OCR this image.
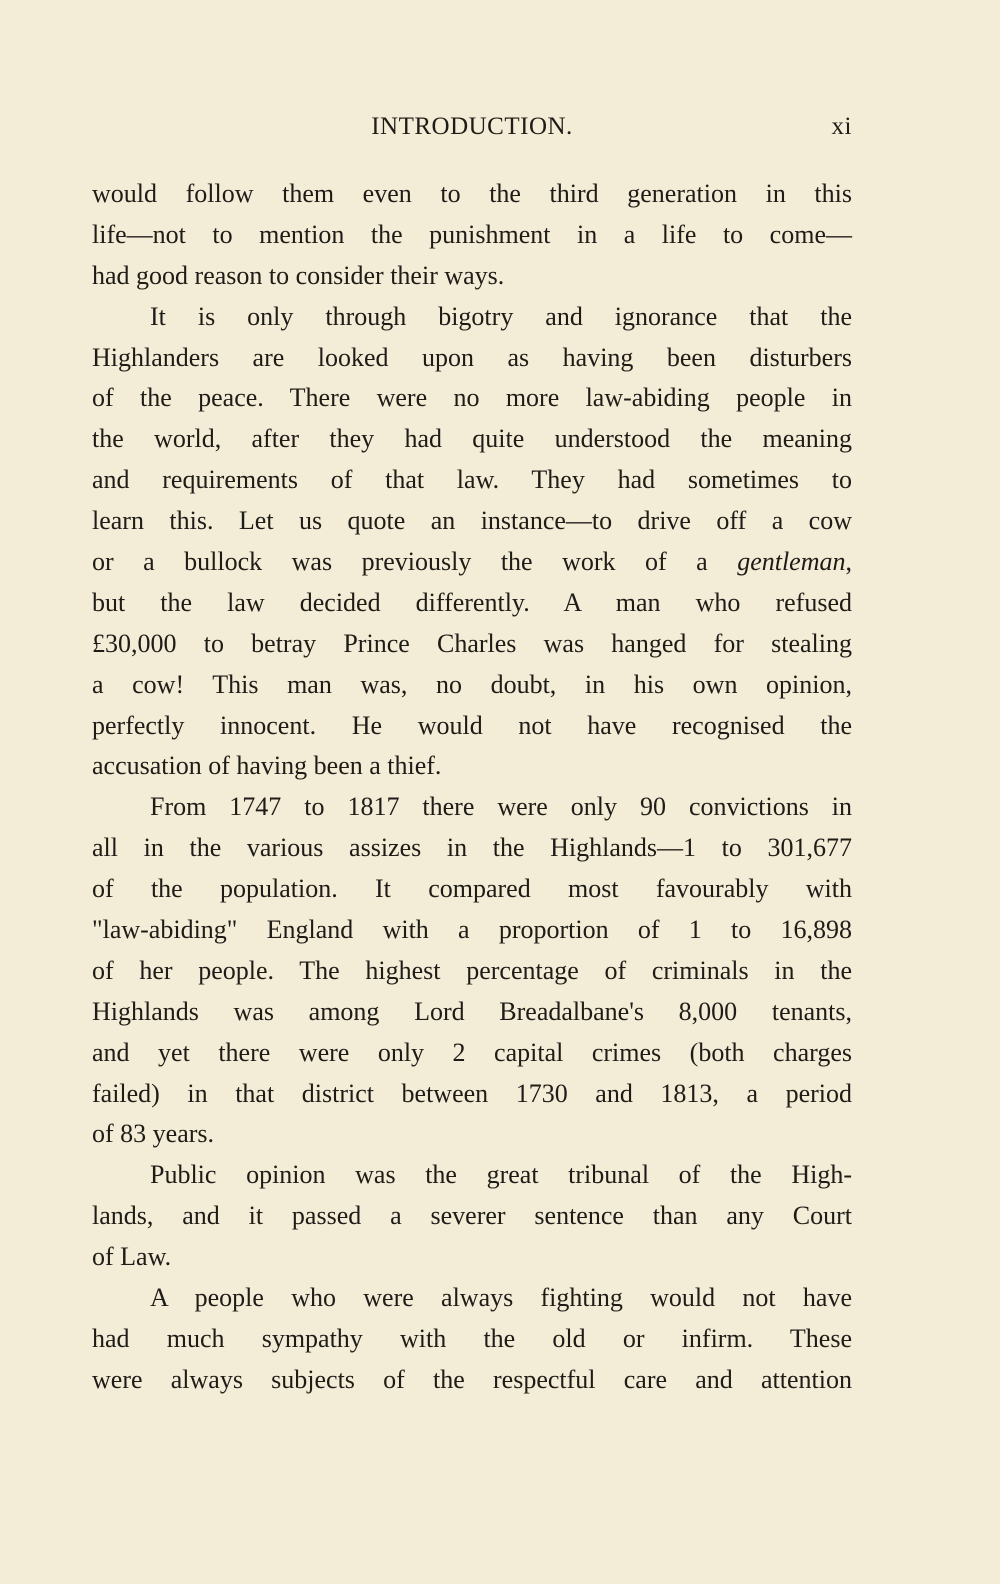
INTRODUCTION.	xi
would follow them even to the third generation in this
life—not to mention the punishment in a life to come—
had good reason to consider their ways.
It is only through bigotry and ignorance that the
Highlanders are looked upon as having been disturbers
of the peace. There were no more law-abiding people in
the world, after they had quite understood the meaning
and requirements of that law. They had sometimes to
learn this. Let us quote an instance—to drive off a cow
or a bullock was previously the work of a gentleman,
but the law decided differently. A man who refused
£30,000 to betray Prince Charles was hanged for stealing
a cow! This man was, no doubt, in his own opinion,
perfectly innocent. He would not have recognised the
accusation of having been a thief.
From 1747 to 1817 there were only 90 convictions in
all in the various assizes in the Highlands—1 to 301,677
of the population. It compared most favourably with
"law-abiding" England with a proportion of 1 to 16,898
of her people. The highest percentage of criminals in the
Highlands was among Lord Breadalbane's 8,000 tenants,
and yet there were only 2 capital crimes (both charges
failed) in that district between 1730 and 1813, a period
of 83 years.
Public opinion was the great tribunal of the High-
lands, and it passed a severer sentence than any Court
of Law.
A people who were always fighting would not have
had much sympathy with the old or infirm. These
were always subjects of the respectful care and attention
